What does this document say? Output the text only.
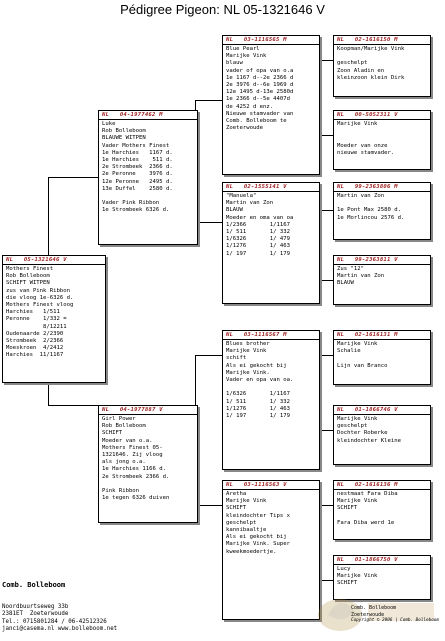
Pédigree Pigeon: NL 05-1321646 V
NL   05-1321646 V
Mothers Finest
Rob Bolleboom
SCHIFT WITPEN
zus van Pink Ribbon
die vloog 1e-6326 d.
Mothers Finest vloog
Harchies   1/511
Peronne    1/332 =
8/12211
Oudenaarde 2/2390
Strombeek  2/2366
Moeskroen  4/2412
Harchies  11/1167
NL   04-1977462 M
Luke
Rob Bolleboom
BLAUWE WITPEN
Vader Mothers Finest
1e Harchies   1167 d.
1e Harchies    511 d.
2e Strombeek  2366 d.
2e Peronne    3976 d.
12e Peronne   2495 d.
13e Duffel    2580 d.

Vader Pink Ribbon
1e Strombeek 6326 d.
NL   04-1977887 V
Girl Power
Rob Bolleboom
SCHIFT
Moeder van o.a.
Mothers Finest 05-
1321646. Zij vloog
als jong o.a.
1e Harchies 1166 d.
2e Strombeek 2366 d.

Pink Ribbon
1e tegen 6326 duiven
NL   03-1116565 M
Blue Pearl
Marijke Vink
blauw
vader of opa van o.a
1e 1167 d--2e 2366 d
2e 3976 d--6e 1969 d
12e 1495 d-13e 2580d
1e 2366 d--5e 4407d
de 4252 d enz.
Nieuwe stamvader van
Comb. Bolleboom te
Zoeterwoude
NL   02-1555141 V
"Manuela"
Martin van Zon
BLAUW
Moeder en oma van oa
1/2366       1/1167
1/ 511       1/ 332
1/6326       1/ 479
1/1276       1/ 463
1/ 197       1/ 179
NL   03-1116567 M
Blues brother
Marijke Vink
schift
Als ei gekocht bij
Marijke Vink.
Vader en opa van oa.

1/6326       1/1167
1/ 511       1/ 332
1/1276       1/ 463
1/ 197       1/ 179
NL   03-1116563 V
Aretha
Marijke Vink
SCHIFT
kleindochter Tips x
geschelpt
kannibaaltje
Als ei gekocht bij
Marijke Vink. Super
kweekmoedertje.
NL   02-1616150 M
Koopman/Marijke Vink

geschelpt
Zoon Aladin en
kleinzoon klein Dirk
NL   00-5052311 V
Marijke Vink

Moeder van onze
nieuwe stamvader.
NL   99-2363806 M
Martin van Zon

1e Pont Max 2580 d.
1e Morlincou 2576 d.
NL   99-2363811 V
Zus "12"
Martin van Zon
BLAUW
NL   02-1616131 M
Marijke Vink
Schalie

Lijn van Branco
NL   01-1866746 V
Marijke Vink
geschelpt
Dochter Roberke
kleindochter Kleine
NL   02-1616136 M
nestmaat Fara Diba
Marijke Vink
SCHIFT

Fara Diba werd 1e
NL   01-1866750 V
Lucy
Marijke Vink
SCHIFT

Comb. Bolleboom

Noordbuurtseweg 33b
2381ET  Zoeterwoude
Tel.: 0715801284 / 06-42512326
janci@casema.nl www.bolleboom.net

Comb. Bolleboom
Zoeterwoude
Copyright © 2006 | Comb. Bolleboom
